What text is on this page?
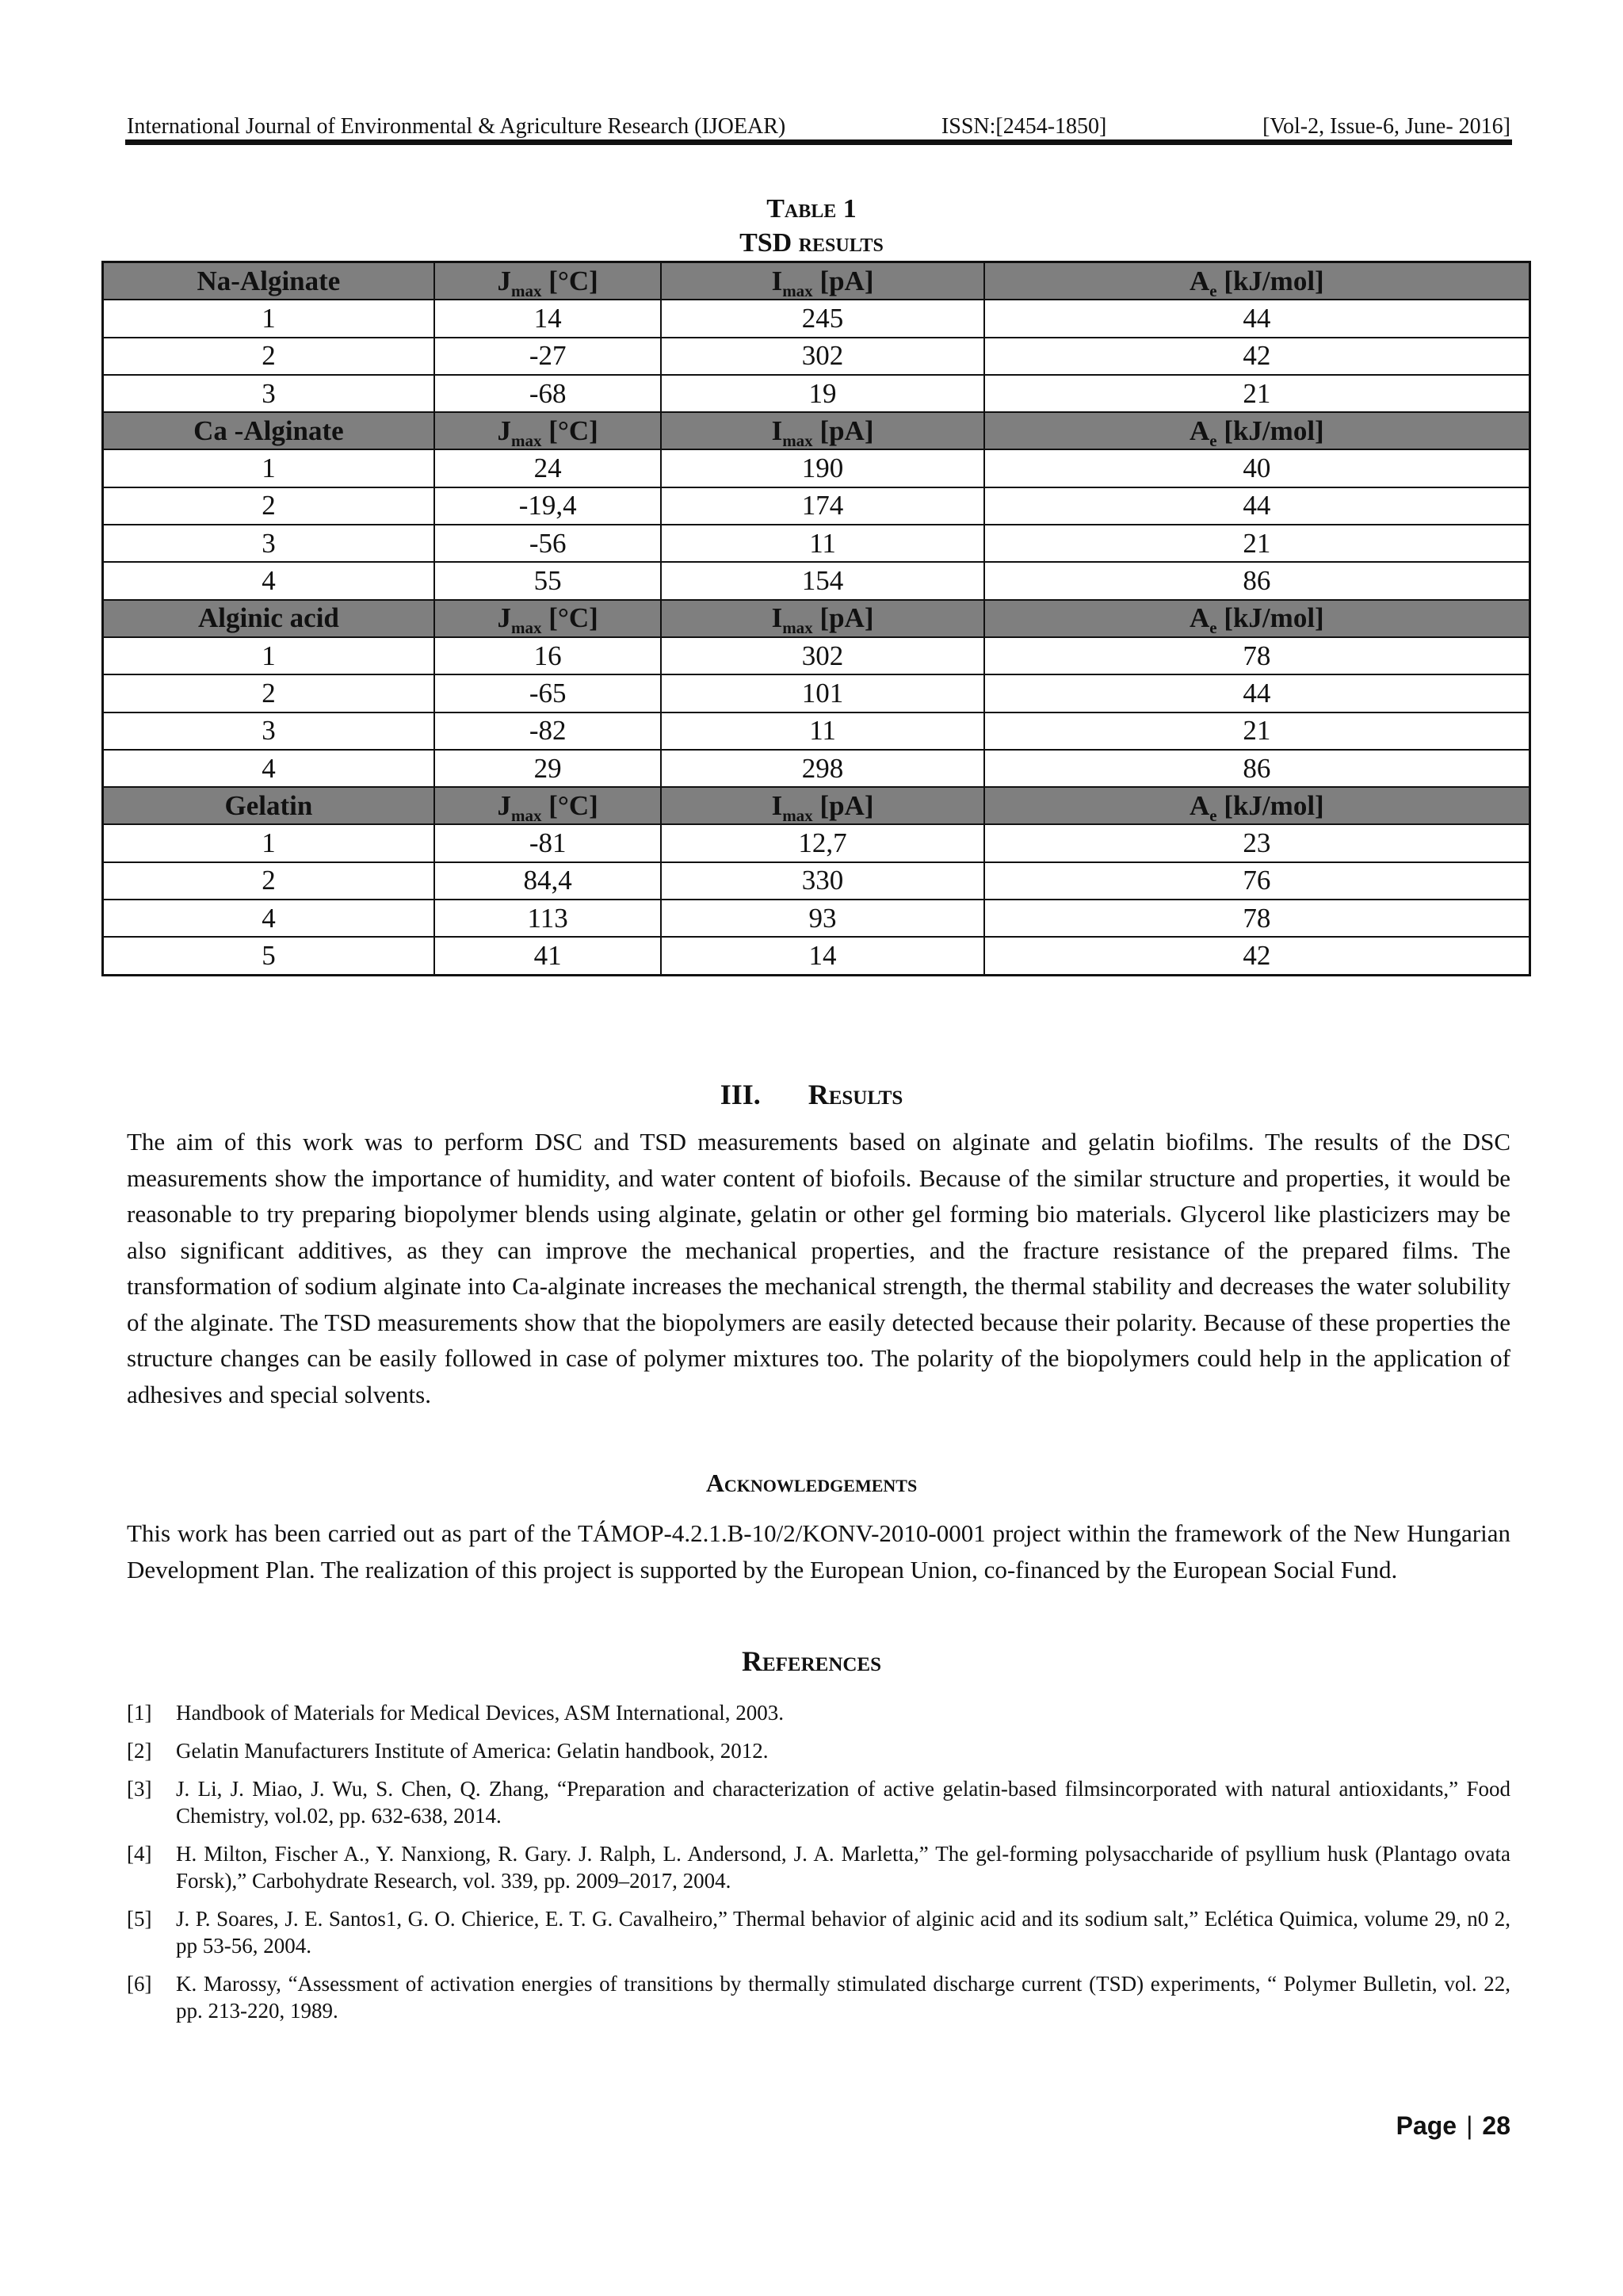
International Journal of Environmental & Agriculture Research (IJOEAR)	ISSN:[2454-1850]	[Vol-2, Issue-6, June- 2016]
Table 1
TSD results
Na-Alginate	$J_{max}$ [°C]	$I_{max}$ [pA]	$A_e$ [kJ/mol]
1	14	245	44
2	-27	302	42
3	-68	19	21
Ca -Alginate	$J_{max}$ [°C]	$I_{max}$ [pA]	$A_e$ [kJ/mol]
1	24	190	40
2	-19,4	174	44
3	-56	11	21
4	55	154	86
Alginic acid	$J_{max}$ [°C]	$I_{max}$ [pA]	$A_e$ [kJ/mol]
1	16	302	78
2	-65	101	44
3	-82	11	21
4	29	298	86
Gelatin	$J_{max}$ [°C]	$I_{max}$ [pA]	$A_e$ [kJ/mol]
1	-81	12,7	23
2	84,4	330	76
4	113	93	78
5	41	14	42
III. Results

The aim of this work was to perform DSC and TSD measurements based on alginate and gelatin biofilms. The results of the DSC measurements show the importance of humidity, and water content of biofoils. Because of the similar structure and properties, it would be reasonable to try preparing biopolymer blends using alginate, gelatin or other gel forming bio materials. Glycerol like plasticizers may be also significant additives, as they can improve the mechanical properties, and the fracture resistance of the prepared films. The transformation of sodium alginate into Ca-alginate increases the mechanical strength, the thermal stability and decreases the water solubility of the alginate. The TSD measurements show that the biopolymers are easily detected because their polarity. Because of these properties the structure changes can be easily followed in case of polymer mixtures too. The polarity of the biopolymers could help in the application of adhesives and special solvents.

Acknowledgements

This work has been carried out as part of the TÁMOP-4.2.1.B-10/2/KONV-2010-0001 project within the framework of the New Hungarian Development Plan. The realization of this project is supported by the European Union, co-financed by the European Social Fund.

References
[1]	Handbook of Materials for Medical Devices, ASM International, 2003.
[2]	Gelatin Manufacturers Institute of America: Gelatin handbook, 2012.
[3]	J. Li, J. Miao, J. Wu, S. Chen, Q. Zhang, “Preparation and characterization of active gelatin-based filmsincorporated with natural antioxidants,” Food Chemistry, vol.02, pp. 632-638, 2014.
[4]	H. Milton, Fischer A., Y. Nanxiong, R. Gary. J. Ralph, L. Andersond, J. A. Marletta,” The gel-forming polysaccharide of psyllium husk (Plantago ovata Forsk),” Carbohydrate Research, vol. 339, pp. 2009–2017, 2004.
[5]	J. P. Soares, J. E. Santos1, G. O. Chierice, E. T. G. Cavalheiro,” Thermal behavior of alginic acid and its sodium salt,” Eclética Quimica, volume 29, n0 2, pp 53-56, 2004.
[6]	K. Marossy, “Assessment of activation energies of transitions by thermally stimulated discharge current (TSD) experiments, “ Polymer Bulletin, vol. 22, pp. 213-220, 1989.
Page | 28
